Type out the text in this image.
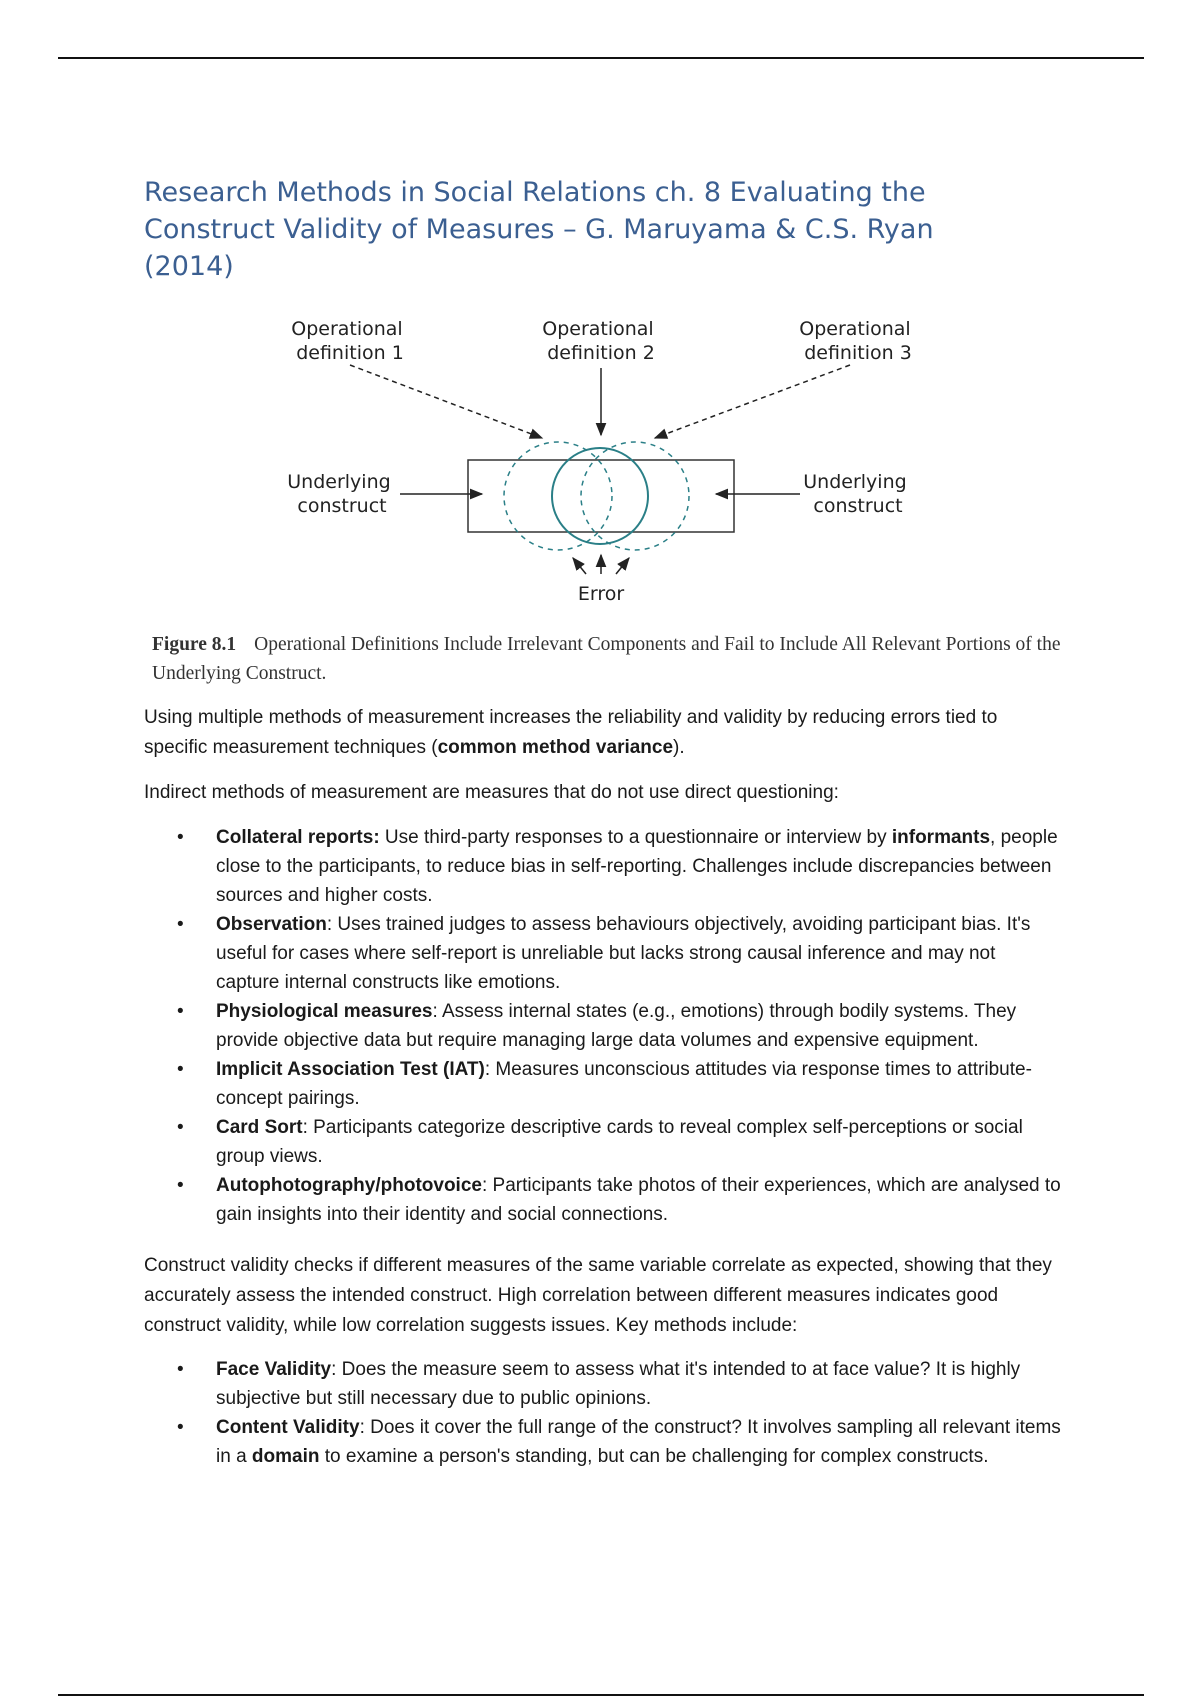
Research Methods in Social Relations ch. 8 Evaluating the Construct Validity of Measures – G. Maruyama & C.S. Ryan (2014)
Operational definition 1
Operational definition 2
Operational definition 3
Underlying construct
Underlying construct
Error
Figure 8.1 Operational Definitions Include Irrelevant Components and Fail to Include All Relevant Portions of the Underlying Construct.

Using multiple methods of measurement increases the reliability and validity by reducing errors tied to specific measurement techniques (common method variance).

Indirect methods of measurement are measures that do not use direct questioning:

• Collateral reports: Use third-party responses to a questionnaire or interview by informants, people close to the participants, to reduce bias in self-reporting. Challenges include discrepancies between sources and higher costs.
• Observation: Uses trained judges to assess behaviours objectively, avoiding participant bias. It's useful for cases where self-report is unreliable but lacks strong causal inference and may not capture internal constructs like emotions.
• Physiological measures: Assess internal states (e.g., emotions) through bodily systems. They provide objective data but require managing large data volumes and expensive equipment.
• Implicit Association Test (IAT): Measures unconscious attitudes via response times to attribute-concept pairings.
• Card Sort: Participants categorize descriptive cards to reveal complex self-perceptions or social group views.
• Autophotography/photovoice: Participants take photos of their experiences, which are analysed to gain insights into their identity and social connections.

Construct validity checks if different measures of the same variable correlate as expected, showing that they accurately assess the intended construct. High correlation between different measures indicates good construct validity, while low correlation suggests issues. Key methods include:

• Face Validity: Does the measure seem to assess what it's intended to at face value? It is highly subjective but still necessary due to public opinions.
• Content Validity: Does it cover the full range of the construct? It involves sampling all relevant items in a domain to examine a person's standing, but can be challenging for complex constructs.
